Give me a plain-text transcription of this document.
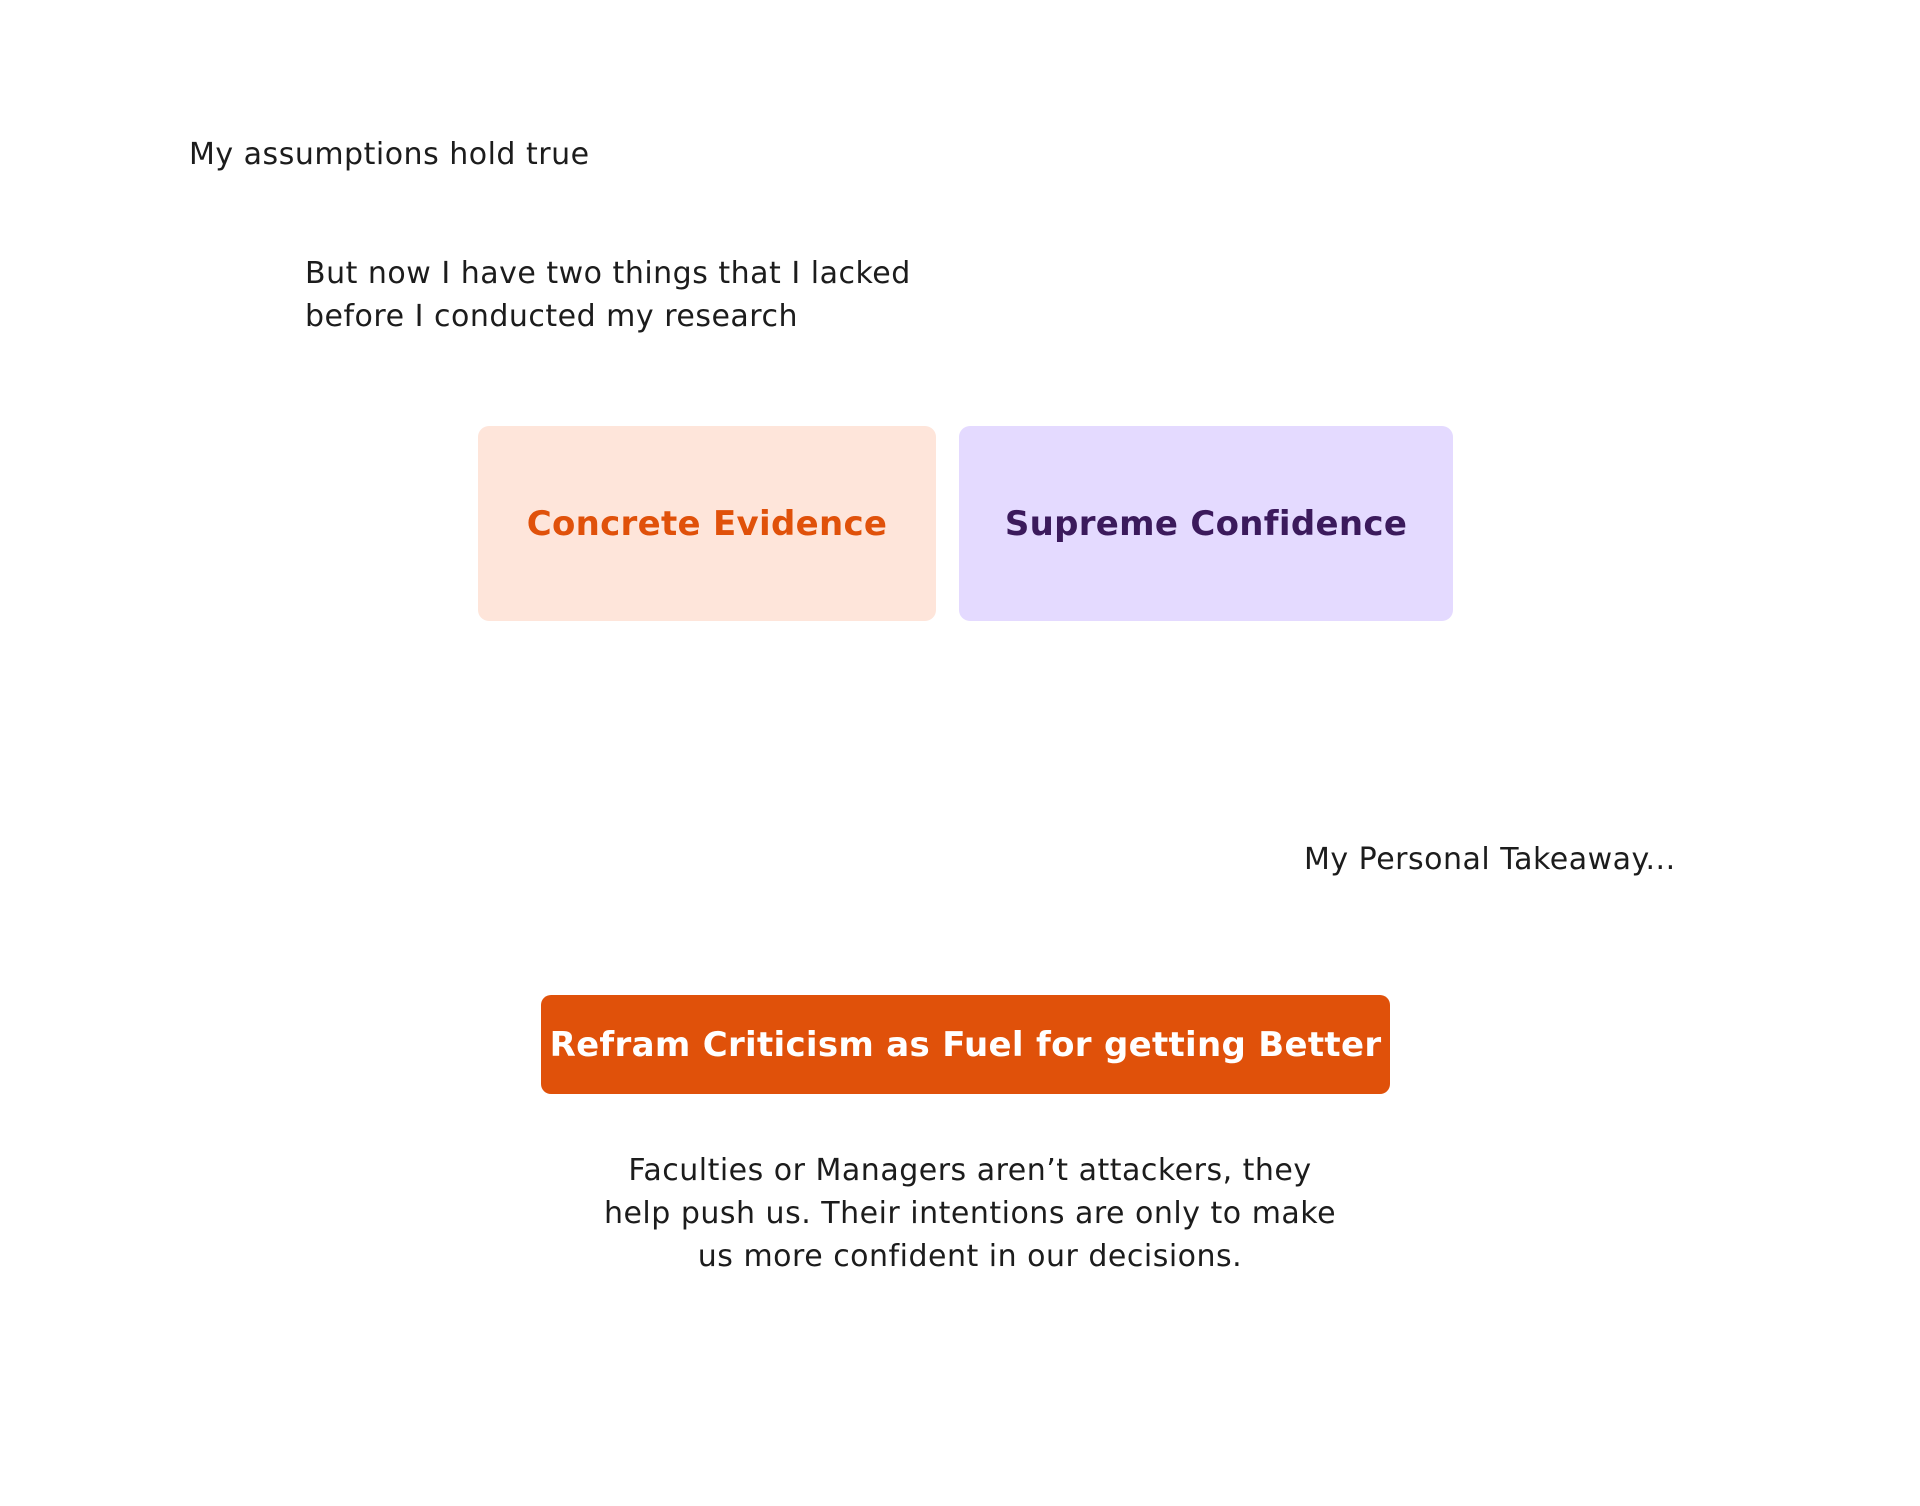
My assumptions hold true
But now I have two things that I lacked
before I conducted my research
Concrete Evidence	Supreme Confidence
My Personal Takeaway...
Refram Criticism as Fuel for getting Better
Faculties or Managers aren’t attackers, they
help push us. Their intentions are only to make
us more confident in our decisions.
